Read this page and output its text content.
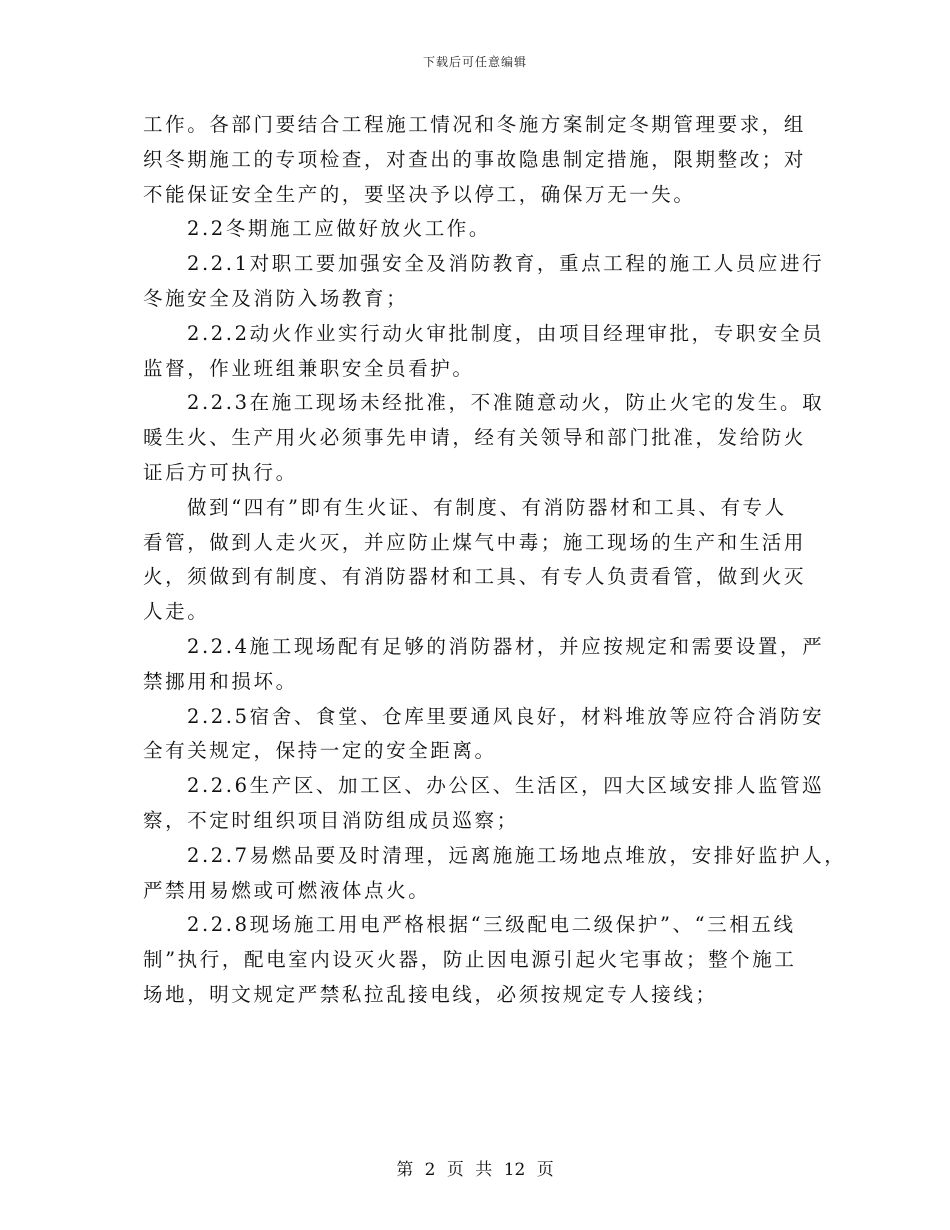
下载后可任意编辑
工作。各部门要结合工程施工情况和冬施方案制定冬期管理要求，组
织冬期施工的专项检查，对查出的事故隐患制定措施，限期整改；对
不能保证安全生产的，要坚决予以停工，确保万无一失。
2.2冬期施工应做好放火工作。
2.2.1对职工要加强安全及消防教育，重点工程的施工人员应进行
冬施安全及消防入场教育；
2.2.2动火作业实行动火审批制度，由项目经理审批，专职安全员
监督，作业班组兼职安全员看护。
2.2.3在施工现场未经批准，不准随意动火，防止火宅的发生。取
暖生火、生产用火必须事先申请，经有关领导和部门批准，发给防火
证后方可执行。
做到“四有”即有生火证、有制度、有消防器材和工具、有专人
看管，做到人走火灭，并应防止煤气中毒；施工现场的生产和生活用
火，须做到有制度、有消防器材和工具、有专人负责看管，做到火灭
人走。
2.2.4施工现场配有足够的消防器材，并应按规定和需要设置，严
禁挪用和损坏。
2.2.5宿舍、食堂、仓库里要通风良好，材料堆放等应符合消防安
全有关规定，保持一定的安全距离。
2.2.6生产区、加工区、办公区、生活区，四大区域安排人监管巡
察，不定时组织项目消防组成员巡察；
2.2.7易燃品要及时清理，远离施施工场地点堆放，安排好监护人，
严禁用易燃或可燃液体点火。
2.2.8现场施工用电严格根据“三级配电二级保护”、“三相五线
制”执行，配电室内设灭火器，防止因电源引起火宅事故；整个施工
场地，明文规定严禁私拉乱接电线，必须按规定专人接线；
第 2 页 共 12 页
